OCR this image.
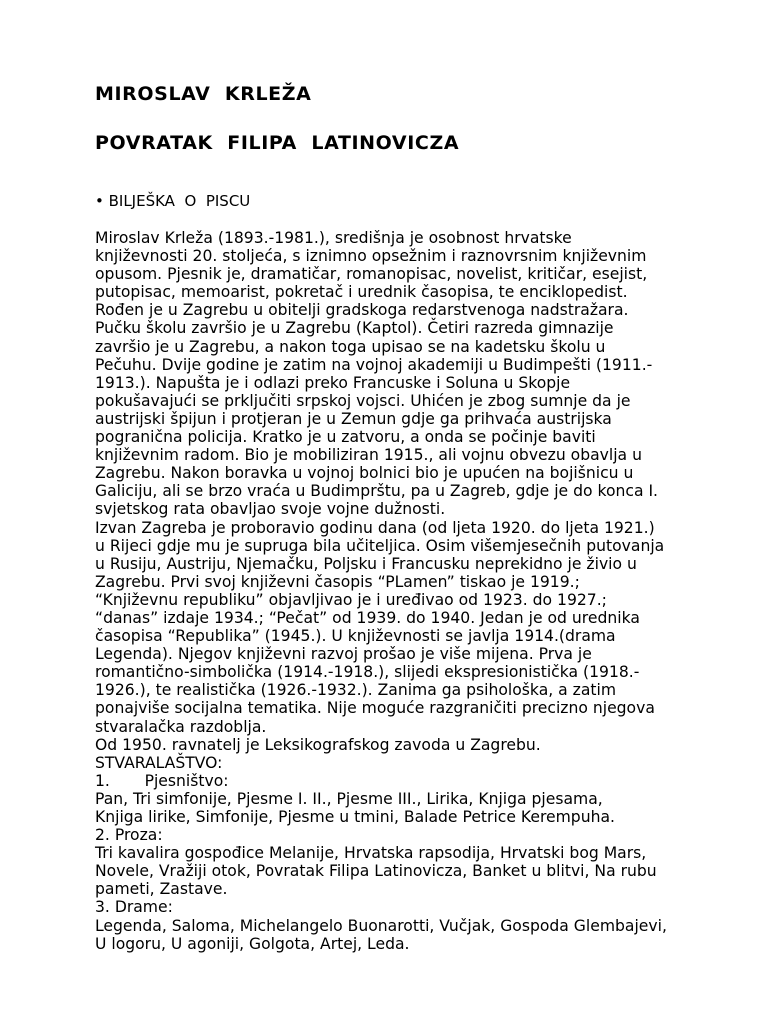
MIROSLAV  KRLEŽA
POVRATAK  FILIPA  LATINOVICZA
• BILJEŠKA  O  PISCU
Miroslav Krleža (1893.-1981.), središnja je osobnost hrvatske
književnosti 20. stoljeća, s iznimno opsežnim i raznovrsnim književnim
opusom. Pjesnik je, dramatičar, romanopisac, novelist, kritičar, esejist,
putopisac, memoarist, pokretač i urednik časopisa, te enciklopedist.
Rođen je u Zagrebu u obitelji gradskoga redarstvenoga nadstražara.
Pučku školu završio je u Zagrebu (Kaptol). Četiri razreda gimnazije
završio je u Zagrebu, a nakon toga upisao se na kadetsku školu u
Pečuhu. Dvije godine je zatim na vojnoj akademiji u Budimpešti (1911.-
1913.). Napušta je i odlazi preko Francuske i Soluna u Skopje
pokušavajući se prključiti srpskoj vojsci. Uhićen je zbog sumnje da je
austrijski špijun i protjeran je u Zemun gdje ga prihvaća austrijska
pogranična policija. Kratko je u zatvoru, a onda se počinje baviti
književnim radom. Bio je mobiliziran 1915., ali vojnu obvezu obavlja u
Zagrebu. Nakon boravka u vojnoj bolnici bio je upućen na bojišnicu u
Galiciju, ali se brzo vraća u Budimprštu, pa u Zagreb, gdje je do konca I.
svjetskog rata obavljao svoje vojne dužnosti.
Izvan Zagreba je proboravio godinu dana (od ljeta 1920. do ljeta 1921.)
u Rijeci gdje mu je supruga bila učiteljica. Osim višemjesečnih putovanja
u Rusiju, Austriju, Njemačku, Poljsku i Francusku neprekidno je živio u
Zagrebu. Prvi svoj književni časopis “PLamen” tiskao je 1919.;
“Književnu republiku” objavljivao je i uređivao od 1923. do 1927.;
“danas” izdaje 1934.; “Pečat” od 1939. do 1940. Jedan je od urednika
časopisa “Republika” (1945.). U književnosti se javlja 1914.(drama
Legenda). Njegov književni razvoj prošao je više mijena. Prva je
romantično-simbolička (1914.-1918.), slijedi ekspresionistička (1918.-
1926.), te realistička (1926.-1932.). Zanima ga psihološka, a zatim
ponajviše socijalna tematika. Nije moguće razgraničiti precizno njegova
stvaralačka razdoblja.
Od 1950. ravnatelj je Leksikografskog zavoda u Zagrebu.
STVARALAŠTVO:
1.       Pjesništvo:
Pan, Tri simfonije, Pjesme I. II., Pjesme III., Lirika, Knjiga pjesama,
Knjiga lirike, Simfonije, Pjesme u tmini, Balade Petrice Kerempuha.
2. Proza:
Tri kavalira gospođice Melanije, Hrvatska rapsodija, Hrvatski bog Mars,
Novele, Vražiji otok, Povratak Filipa Latinovicza, Banket u blitvi, Na rubu
pameti, Zastave.
3. Drame:
Legenda, Saloma, Michelangelo Buonarotti, Vučjak, Gospoda Glembajevi,
U logoru, U agoniji, Golgota, Artej, Leda.
